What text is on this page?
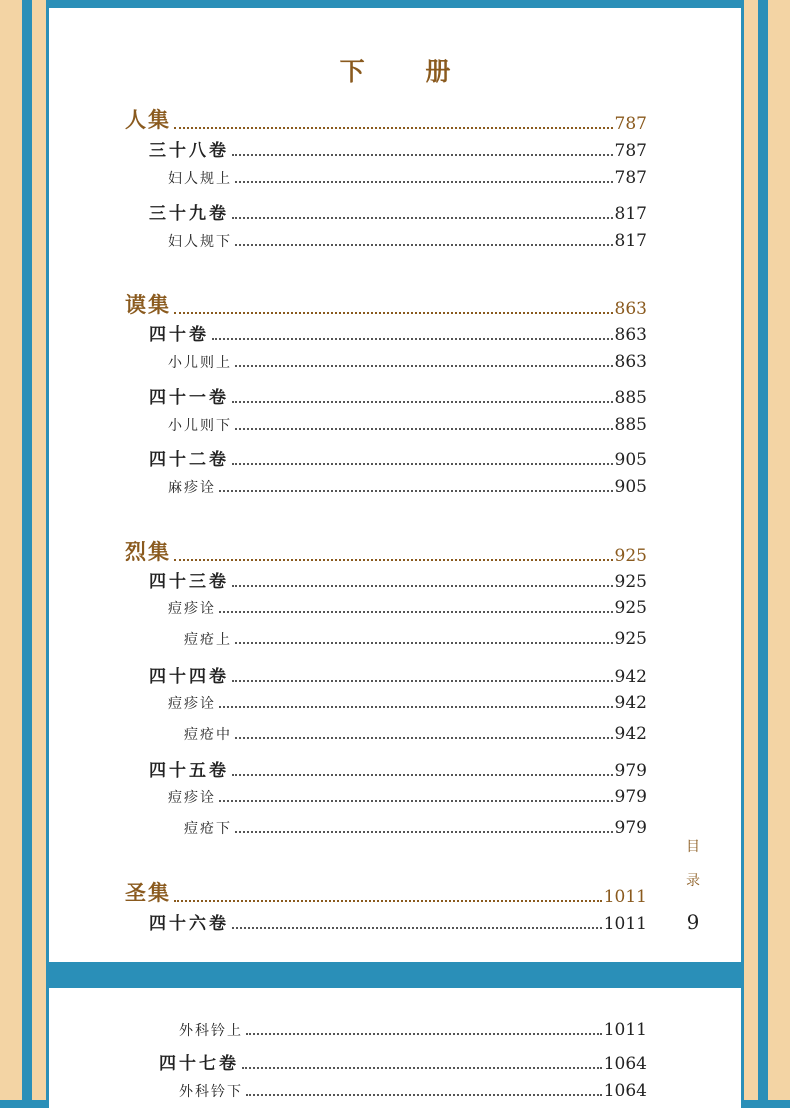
下 册
人集	787
三十八卷	787
妇人规上	787
三十九卷	817
妇人规下	817
谟集	863
四十卷	863
小儿则上	863
四十一卷	885
小儿则下	885
四十二卷	905
麻疹诠	905
烈集	925
四十三卷	925
痘疹诠	925
痘疮上	925
四十四卷	942
痘疹诠	942
痘疮中	942
四十五卷	979
痘疹诠	979
痘疮下	979
圣集	1011
四十六卷	1011
目
录
9
外科钤上	1011
四十七卷	1064
外科钤下	1064
